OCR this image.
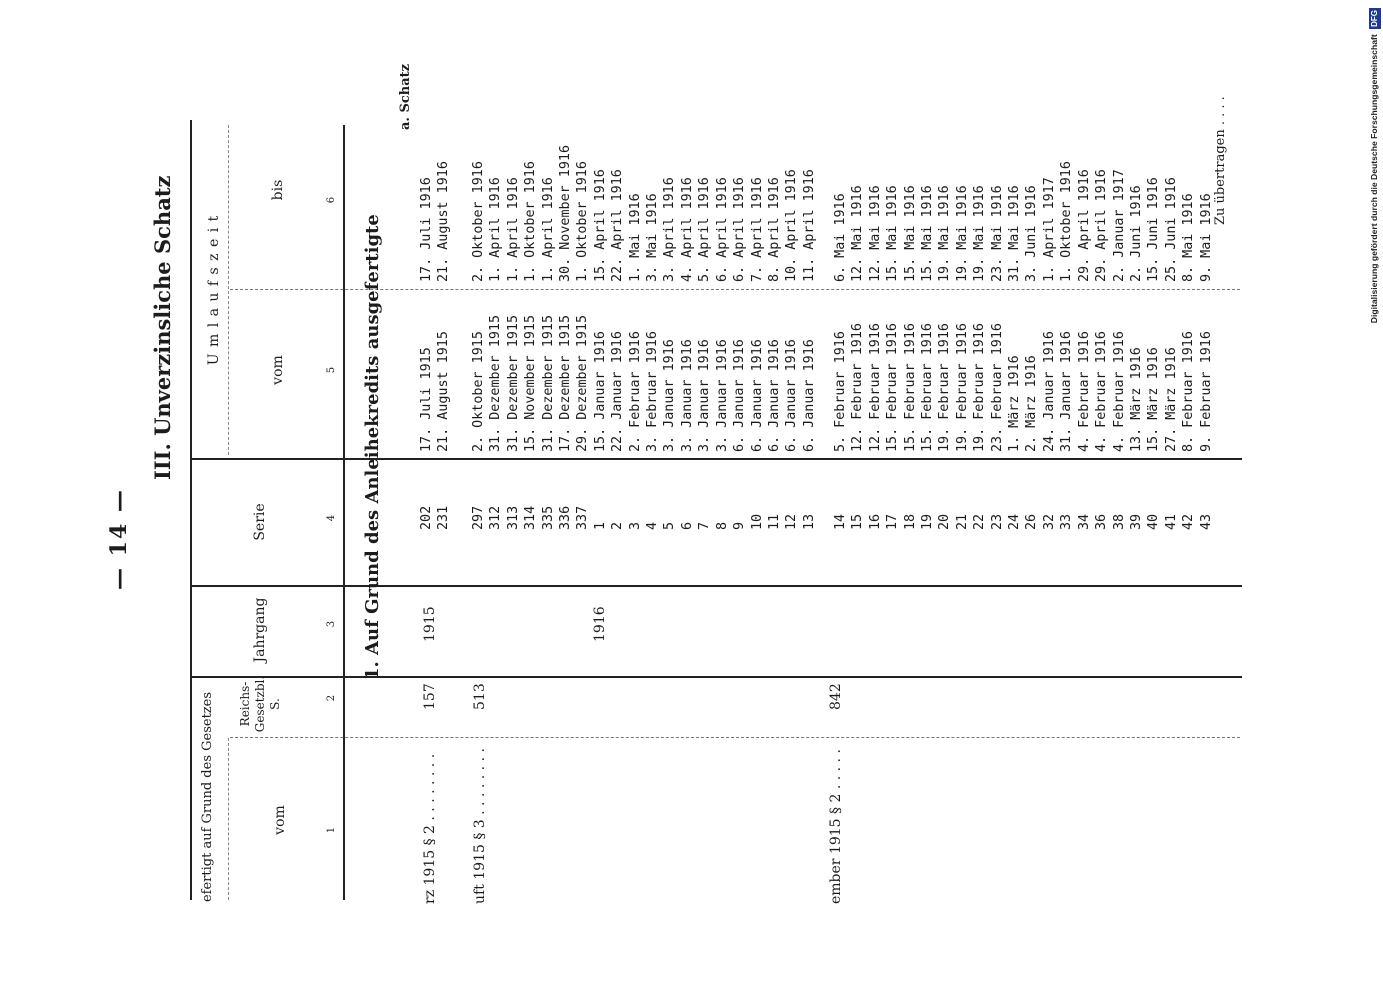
— 14 —
III. Unverzinsliche Schatz
efertigt auf Grund des Gesetzes	vom
Reichs-
Gesetzbl.
S.
Jahrgang
Serie
U m l a u f s z e i t
vom
bis
1
2
3
4
5
6
1. Auf Grund des Anleihekredits ausgefertigte
a. Schatz
rz 1915 § 2 . . . . . . . .
157
1915
uft 1915 § 3 . . . . . . . .
513
1916
ember 1915 § 2 . . . . .
842
202 231
17. Juli 1915 21. August 1915
17. Juli 1916 21. August 1916
297 312 313 314 335 336 337 1 2 3 4 5 6 7 8 9 10 11 12 13
2. Oktober 1915 31. Dezember 1915 31. Dezember 1915 15. November 1915 31. Dezember 1915 17. Dezember 1915 29. Dezember 1915 15. Januar 1916 22. Januar 1916 2. Februar 1916 3. Februar 1916 3. Januar 1916 3. Januar 1916 3. Januar 1916 3. Januar 1916 6. Januar 1916 6. Januar 1916 6. Januar 1916 6. Januar 1916 6. Januar 1916
2. Oktober 1916 1. April 1916 1. April 1916 1. Oktober 1916 1. April 1916 30. November 1916 1. Oktober 1916 15. April 1916 22. April 1916 1. Mai 1916 3. Mai 1916 3. April 1916 4. April 1916 5. April 1916 6. April 1916 6. April 1916 7. April 1916 8. April 1916 10. April 1916 11. April 1916
14 15 16 17 18 19 20 21 22 23 24 26 32 33 34 36 38 39 40 41 42 43
5. Februar 1916 12. Februar 1916 12. Februar 1916 15. Februar 1916 15. Februar 1916 15. Februar 1916 19. Februar 1916 19. Februar 1916 19. Februar 1916 23. Februar 1916 1. März 1916 2. März 1916 24. Januar 1916 31. Januar 1916 4. Februar 1916 4. Februar 1916 4. Februar 1916 13. März 1916 15. März 1916 27. März 1916 8. Februar 1916 9. Februar 1916
6. Mai 1916 12. Mai 1916 12. Mai 1916 15. Mai 1916 15. Mai 1916 15. Mai 1916 19. Mai 1916 19. Mai 1916 19. Mai 1916 23. Mai 1916 31. Mai 1916 3. Juni 1916 1. April 1917 1. Oktober 1916 29. April 1916 29. April 1916 2. Januar 1917 2. Juni 1916 15. Juni 1916 25. Juni 1916 8. Mai 1916 9. Mai 1916
Zu übertragen . . . .	Digitalisierung gefördert durch die Deutsche Forschungsgemeinschaft DFG
